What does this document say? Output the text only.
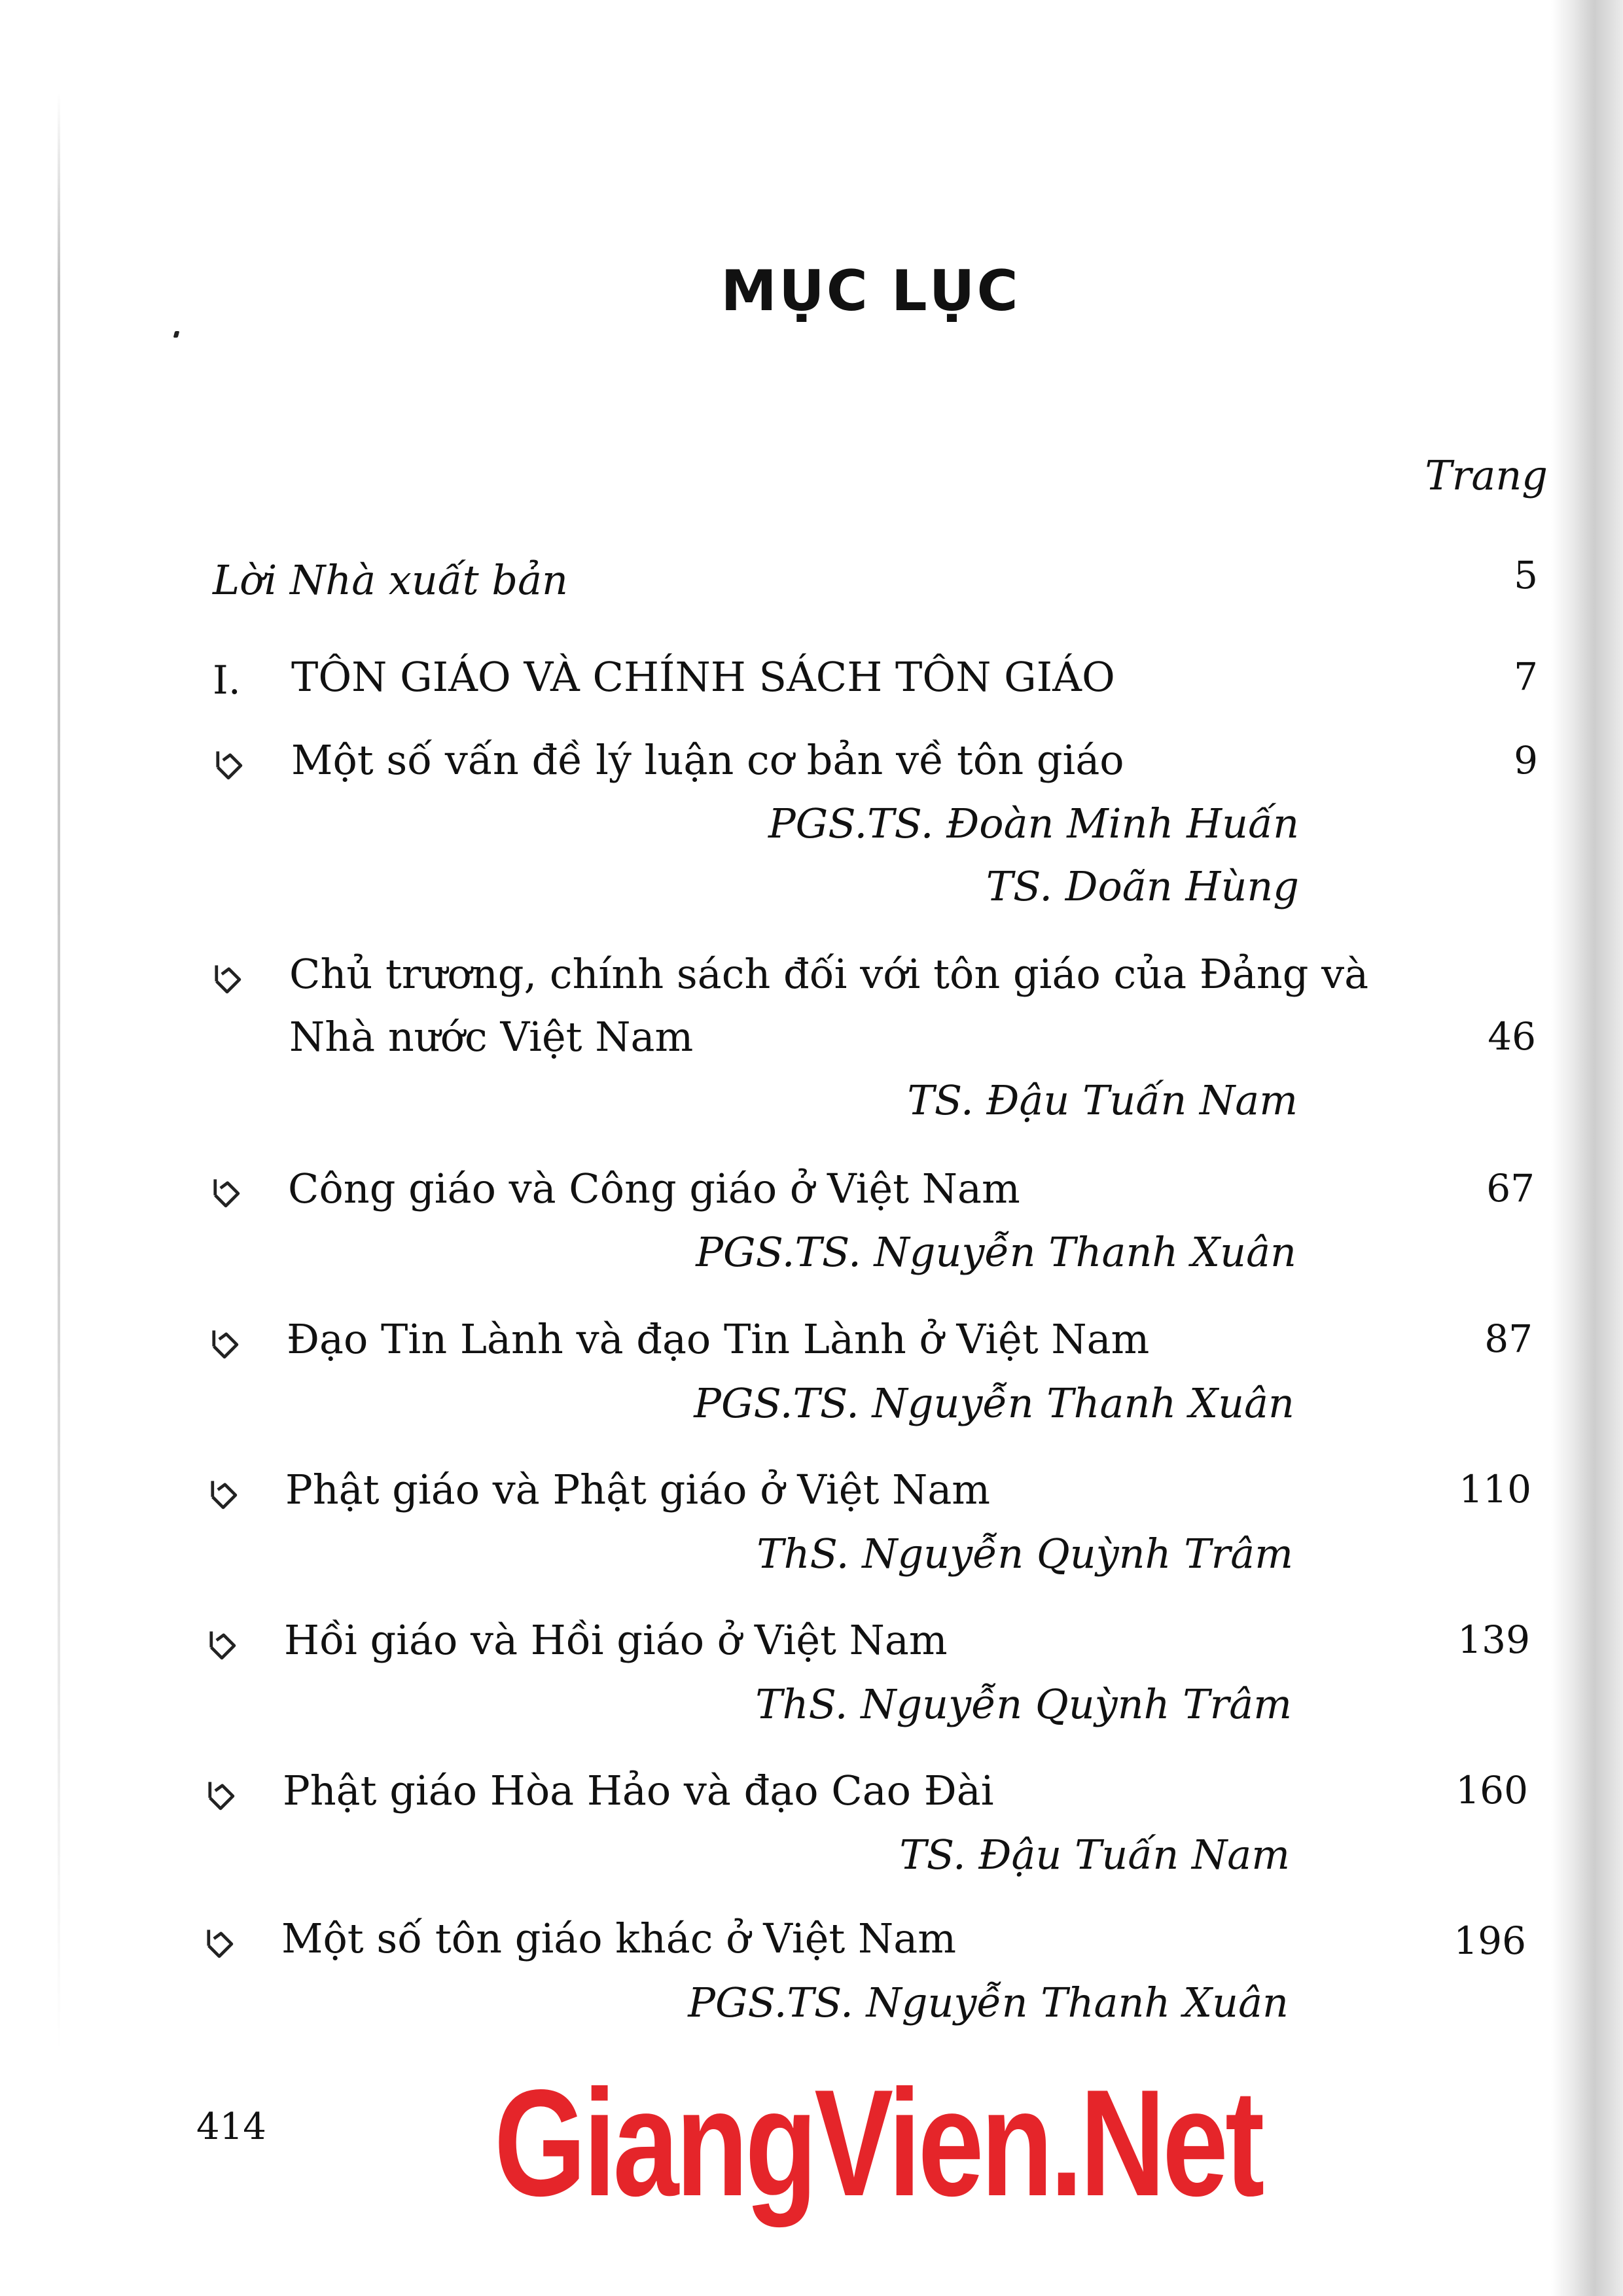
MỤC LỤC
Trang
Lời Nhà xuất bản	5
I. TÔN GIÁO VÀ CHÍNH SÁCH TÔN GIÁO	7
Một số vấn đề lý luận cơ bản về tôn giáo	9
PGS.TS. Đoàn Minh Huấn
TS. Doãn Hùng
Chủ trương, chính sách đối với tôn giáo của Đảng và
Nhà nước Việt Nam	46
TS. Đậu Tuấn Nam
Công giáo và Công giáo ở Việt Nam	67
PGS.TS. Nguyễn Thanh Xuân
Đạo Tin Lành và đạo Tin Lành ở Việt Nam	87
PGS.TS. Nguyễn Thanh Xuân
Phật giáo và Phật giáo ở Việt Nam	110
ThS. Nguyễn Quỳnh Trâm
Hồi giáo và Hồi giáo ở Việt Nam	139
ThS. Nguyễn Quỳnh Trâm
Phật giáo Hòa Hảo và đạo Cao Đài	160
TS. Đậu Tuấn Nam
Một số tôn giáo khác ở Việt Nam	196
PGS.TS. Nguyễn Thanh Xuân
414 GiangVien.Net
